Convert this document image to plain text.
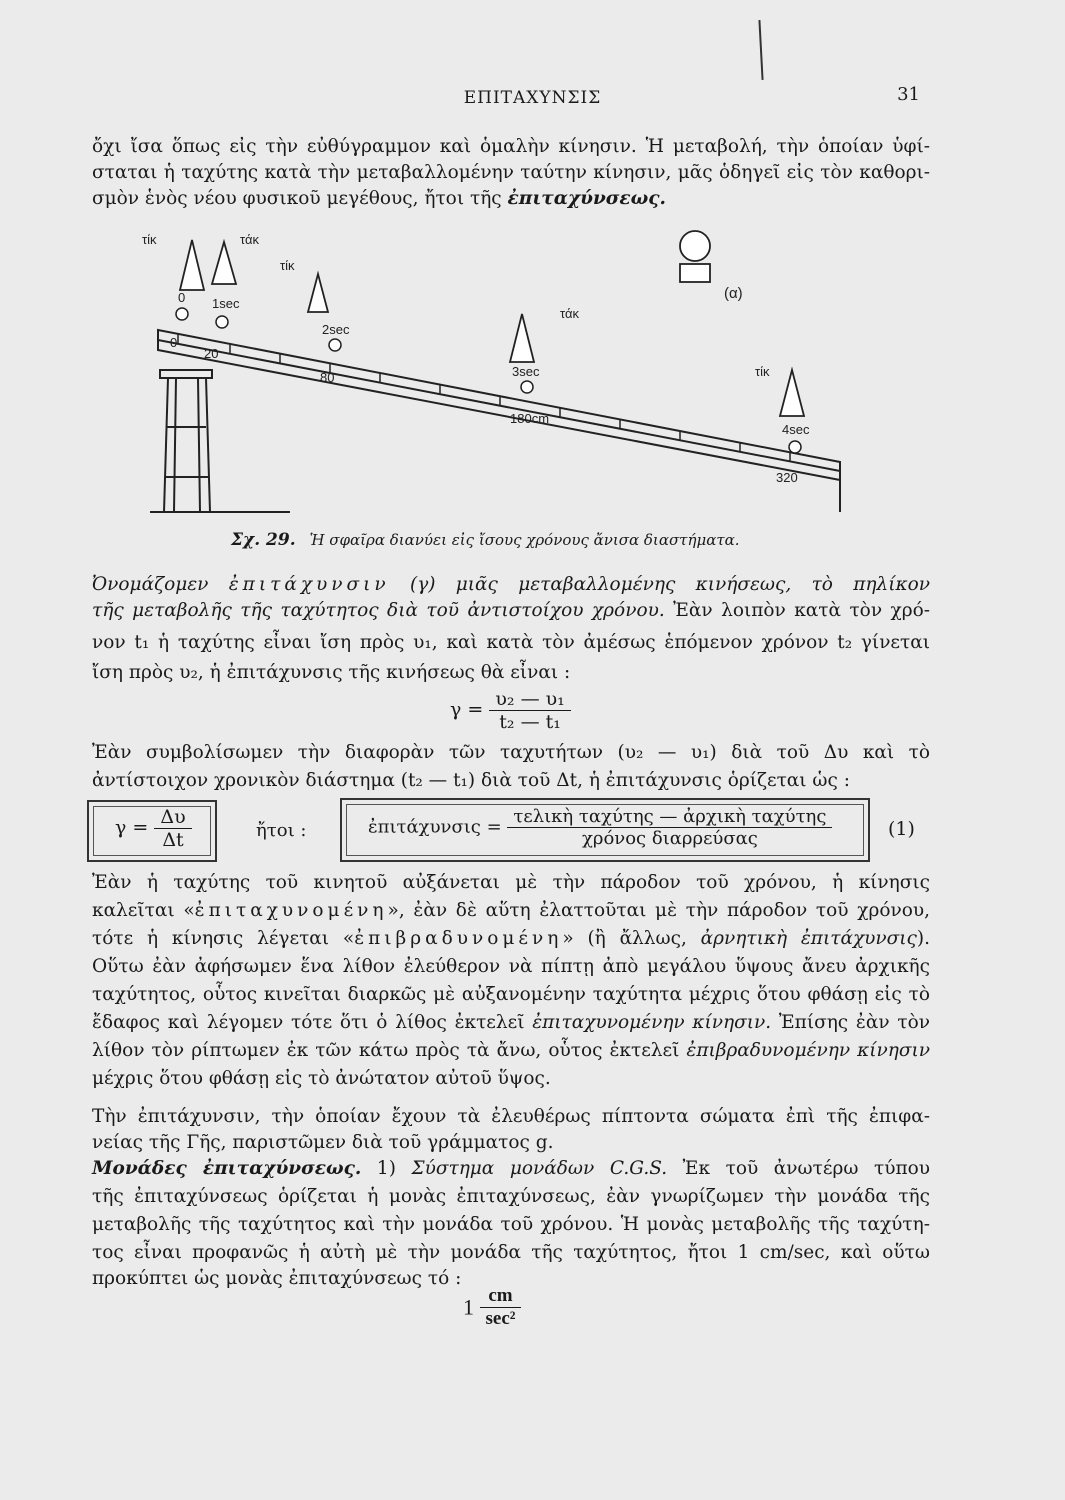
ΕΠΙΤΑΧΥΝΣΙΣ	31
ὄχι ἴσα ὅπως εἰς τὴν εὐθύγραμμον καὶ ὁμαλὴν κίνησιν. Ἡ μεταβολή, τὴν ὁποίαν ὑφί-
σταται ἡ ταχύτης κατὰ τὴν μεταβαλλομένην ταύτην κίνησιν, μᾶς ὁδηγεῖ εἰς τὸν καθορι-
σμὸν ἑνὸς νέου φυσικοῦ μεγέθους, ἤτοι τῆς ἐπιταχύνσεως.
τίκ	τάκ
τίκ
τάκ
τίκ
0 1sec
2sec
3sec
4sec
0
20
80
180cm
320
(α)
Σχ. 29. Ἡ σφαῖρα διανύει εἰς ἴσους χρόνους ἄνισα διαστήματα.
Ὀνομάζομεν ἐπιτάχυνσιν (γ) μιᾶς μεταβαλλομένης κινήσεως, τὸ πηλίκον
τῆς μεταβολῆς τῆς ταχύτητος διὰ τοῦ ἀντιστοίχου χρόνου. Ἐὰν λοιπὸν κατὰ τὸν χρό-
νον t₁ ἡ ταχύτης εἶναι ἴση πρὸς υ₁, καὶ κατὰ τὸν ἀμέσως ἑπόμενον χρόνον t₂ γίνεται
ἴση πρὸς υ₂, ἡ ἐπιτάχυνσις τῆς κινήσεως θὰ εἶναι :
$\gamma = \frac{\text{υ₂ — υ₁}}{\text{t₂ — t₁}}$
Ἐὰν συμβολίσωμεν τὴν διαφορὰν τῶν ταχυτήτων (υ₂ — υ₁) διὰ τοῦ Δυ καὶ τὸ
ἀντίστοιχον χρονικὸν διάστημα (t₂ — t₁) διὰ τοῦ Δt, ἡ ἐπιτάχυνσις ὁρίζεται ὡς :
$\gamma = \frac{\Delta\upsilon}{\Delta t}$	ἤτοι :	ἐπιτάχυνσις = $\frac{\text{τελικὴ ταχύτης — ἀρχικὴ ταχύτης}}{\text{χρόνος διαρρεύσας}}$	(1)
Ἐὰν ἡ ταχύτης τοῦ κινητοῦ αὐξάνεται μὲ τὴν πάροδον τοῦ χρόνου, ἡ κίνησις
καλεῖται «ἐπιταχυνομένη», ἐὰν δὲ αὕτη ἐλαττοῦται μὲ τὴν πάροδον τοῦ χρόνου,
τότε ἡ κίνησις λέγεται «ἐπιβραδυνομένη» (ἢ ἄλλως, ἀρνητικὴ ἐπιτάχυνσις).
Οὕτω ἐὰν ἀφήσωμεν ἕνα λίθον ἐλεύθερον νὰ πίπτῃ ἀπὸ μεγάλου ὕψους ἄνευ ἀρχικῆς
ταχύτητος, οὗτος κινεῖται διαρκῶς μὲ αὐξανομένην ταχύτητα μέχρις ὅτου φθάσῃ εἰς τὸ
ἔδαφος καὶ λέγομεν τότε ὅτι ὁ λίθος ἐκτελεῖ ἐπιταχυνομένην κίνησιν. Ἐπίσης ἐὰν τὸν
λίθον τὸν ρίπτωμεν ἐκ τῶν κάτω πρὸς τὰ ἄνω, οὗτος ἐκτελεῖ ἐπιβραδυνομένην κίνησιν
μέχρις ὅτου φθάσῃ εἰς τὸ ἀνώτατον αὐτοῦ ὕψος.
Τὴν ἐπιτάχυνσιν, τὴν ὁποίαν ἔχουν τὰ ἐλευθέρως πίπτοντα σώματα ἐπὶ τῆς ἐπιφα-
νείας τῆς Γῆς, παριστῶμεν διὰ τοῦ γράμματος g.
Μονάδες ἐπιταχύνσεως. 1) Σύστημα μονάδων C.G.S. Ἐκ τοῦ ἀνωτέρω τύπου
τῆς ἐπιταχύνσεως ὁρίζεται ἡ μονὰς ἐπιταχύνσεως, ἐὰν γνωρίζωμεν τὴν μονάδα τῆς
μεταβολῆς τῆς ταχύτητος καὶ τὴν μονάδα τοῦ χρόνου. Ἡ μονὰς μεταβολῆς τῆς ταχύτη-
τος εἶναι προφανῶς ἡ αὐτὴ μὲ τὴν μονάδα τῆς ταχύτητος, ἤτοι 1 cm/sec, καὶ οὕτω
προκύπτει ὡς μονὰς ἐπιταχύνσεως τό :
$1 \frac{cm}{\text{sec²}}$
